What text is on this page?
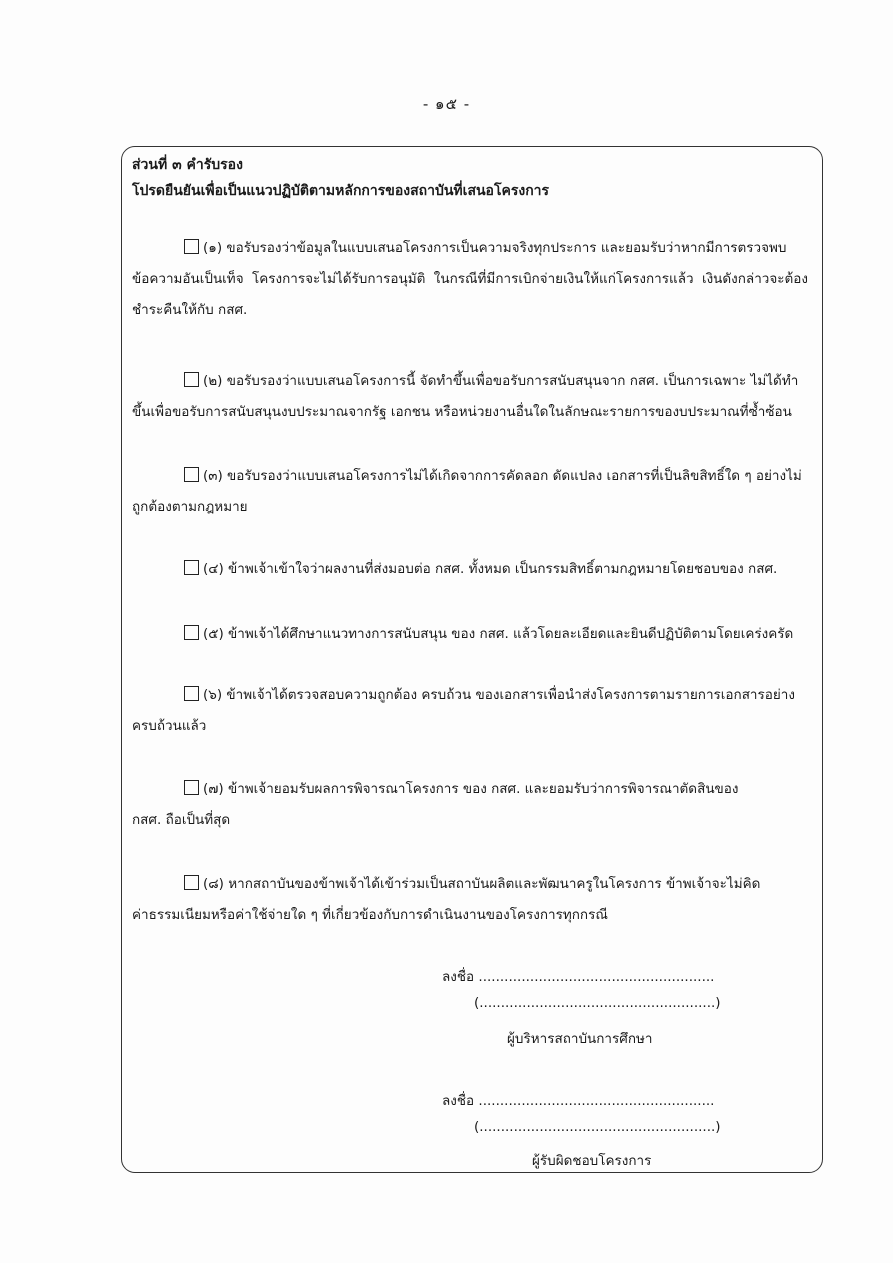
- ๑๕ -
ส่วนที่ ๓ คำรับรอง
โปรดยืนยันเพื่อเป็นแนวปฏิบัติตามหลักการของสถาบันที่เสนอโครงการ
(๑) ขอรับรองว่าข้อมูลในแบบเสนอโครงการเป็นความจริงทุกประการ และยอมรับว่าหากมีการตรวจพบ
ข้อความอันเป็นเท็จ โครงการจะไม่ได้รับการอนุมัติ ในกรณีที่มีการเบิกจ่ายเงินให้แก่โครงการแล้ว เงินดังกล่าวจะต้องชำระคืนให้กับ กสศ.
(๒) ขอรับรองว่าแบบเสนอโครงการนี้ จัดทำขึ้นเพื่อขอรับการสนับสนุนจาก กสศ. เป็นการเฉพาะ ไม่ได้ทำ
ขึ้นเพื่อขอรับการสนับสนุนงบประมาณจากรัฐ เอกชน หรือหน่วยงานอื่นใดในลักษณะรายการของบประมาณที่ซ้ำซ้อน
(๓) ขอรับรองว่าแบบเสนอโครงการไม่ได้เกิดจากการคัดลอก ดัดแปลง เอกสารที่เป็นลิขสิทธิ์ใด ๆ อย่างไม่
ถูกต้องตามกฎหมาย
(๔) ข้าพเจ้าเข้าใจว่าผลงานที่ส่งมอบต่อ กสศ. ทั้งหมด เป็นกรรมสิทธิ์ตามกฎหมายโดยชอบของ กสศ.
(๕) ข้าพเจ้าได้ศึกษาแนวทางการสนับสนุน ของ กสศ. แล้วโดยละเอียดและยินดีปฏิบัติตามโดยเคร่งครัด
(๖) ข้าพเจ้าได้ตรวจสอบความถูกต้อง ครบถ้วน ของเอกสารเพื่อนำส่งโครงการตามรายการเอกสารอย่าง
ครบถ้วนแล้ว
(๗) ข้าพเจ้ายอมรับผลการพิจารณาโครงการ ของ กสศ. และยอมรับว่าการพิจารณาตัดสินของ
กสศ. ถือเป็นที่สุด
(๘) หากสถาบันของข้าพเจ้าได้เข้าร่วมเป็นสถาบันผลิตและพัฒนาครูในโครงการ ข้าพเจ้าจะไม่คิด
ค่าธรรมเนียมหรือค่าใช้จ่ายใด ๆ ที่เกี่ยวข้องกับการดำเนินงานของโครงการทุกกรณี
ลงชื่อ .......................................................
(.......................................................)
ผู้บริหารสถาบันการศึกษา
ลงชื่อ .......................................................
(.......................................................)
ผู้รับผิดชอบโครงการ
